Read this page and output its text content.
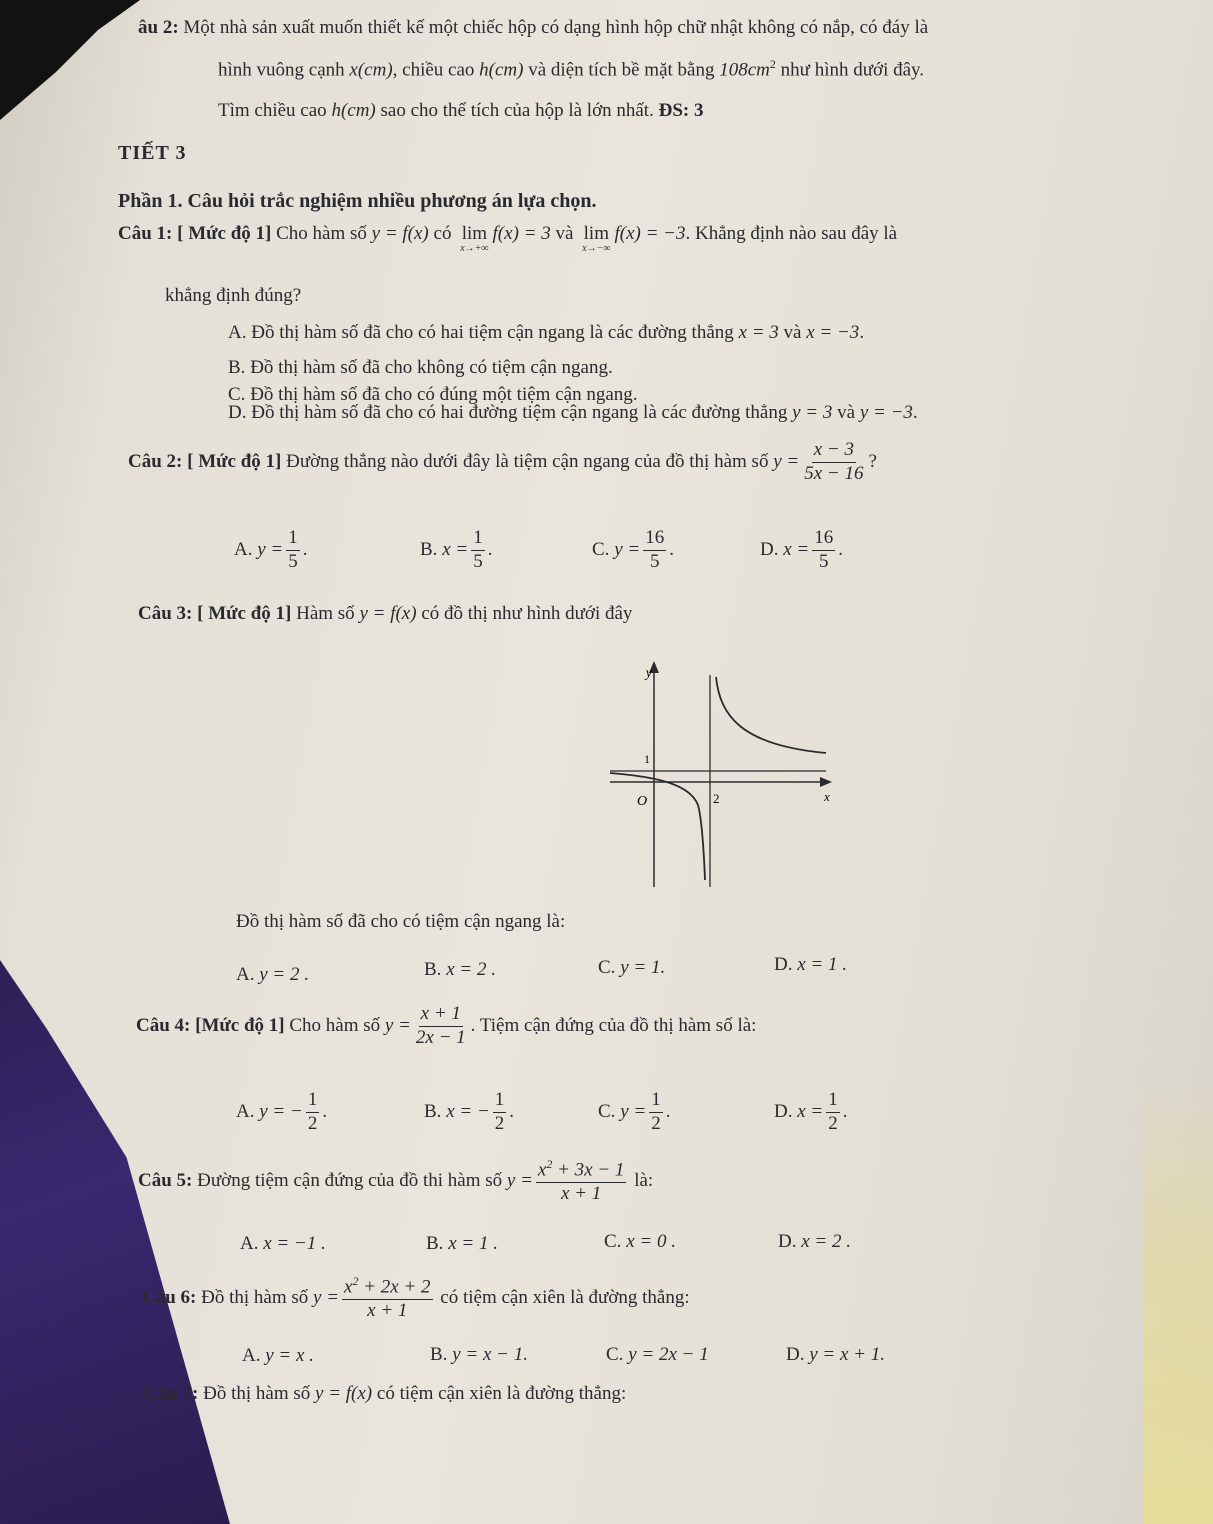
âu 2: Một nhà sản xuất muốn thiết kế một chiếc hộp có dạng hình hộp chữ nhật không có nắp, có đáy là
hình vuông cạnh x(cm), chiều cao h(cm) và diện tích bề mặt bằng $108cm^2$ như hình dưới đây.
Tìm chiều cao h(cm) sao cho thể tích của hộp là lớn nhất. ĐS: 3
TIẾT 3
Phần 1. Câu hỏi trắc nghiệm nhiều phương án lựa chọn.
Câu 1: [ Mức độ 1] Cho hàm số y = f(x) có lim
x→+∞
f(x) = 3 và lim
x→−∞
f(x) = −3. Khẳng định nào sau đây là
khẳng định đúng?
A. Đồ thị hàm số đã cho có hai tiệm cận ngang là các đường thẳng x = 3 và x = −3.
B. Đồ thị hàm số đã cho không có tiệm cận ngang.
C. Đồ thị hàm số đã cho có đúng một tiệm cận ngang.
D. Đồ thị hàm số đã cho có hai đường tiệm cận ngang là các đường thẳng y = 3 và y = −3.
Câu 2: [ Mức độ 1] Đường thẳng nào dưới đây là tiệm cận ngang của đồ thị hàm số $y = \frac{x - 3}{5x - 16}$ ?
A. $y = \frac{1}{5}$ .	B. $x = \frac{1}{5}$ .	C. $y = \frac{16}{5}$ .	D. $x = \frac{16}{5}$ .
Câu 3: [ Mức độ 1] Hàm số y = f(x) có đồ thị như hình dưới đây
y
1
O	2	x
Đồ thị hàm số đã cho có tiệm cận ngang là:
A. y = 2 .	B. x = 2 .	C. y = 1.	D. x = 1 .
Câu 4: [Mức độ 1] Cho hàm số $y = \frac{x + 1}{2x - 1}$ . Tiệm cận đứng của đồ thị hàm số là:
A. y = − $\frac{1}{2}$ .	B. x = − $\frac{1}{2}$ .	C. $y = \frac{1}{2}$ .	D. $x = \frac{1}{2}$ .
Câu 5: Đường tiệm cận đứng của đồ thi hàm số $y = \frac{x^2 + 3x - 1}{x + 1}$ là:
A. x = −1 .	B. x = 1 .	C. x = 0 .	D. x = 2 .
Câu 6: Đồ thị hàm số $y = \frac{x^2 + 2x + 2}{x + 1}$ có tiệm cận xiên là đường thẳng:
A. y = x .	B. y = x − 1.	C. y = 2x − 1	D. y = x + 1.
Câu 7: Đồ thị hàm số y = f(x) có tiệm cận xiên là đường thẳng:
